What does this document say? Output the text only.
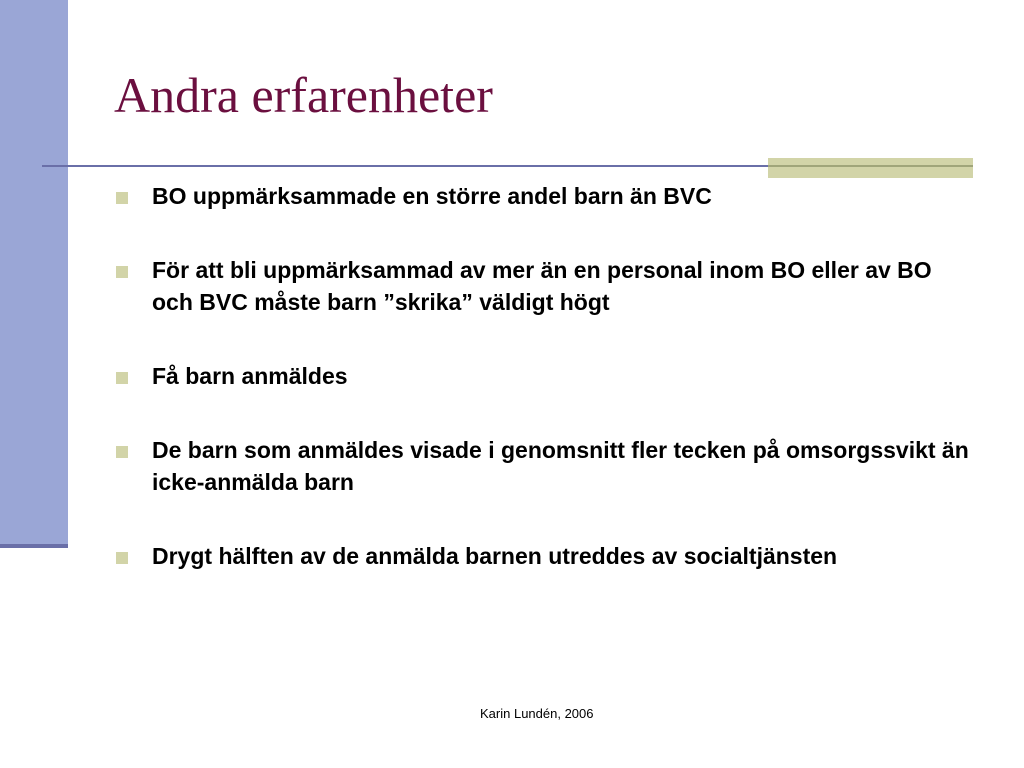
Andra erfarenheter
BO uppmärksammade en större andel barn än BVC
För att bli uppmärksammad av mer än en personal inom BO eller av BO och BVC måste barn ”skrika” väldigt högt
Få barn anmäldes
De barn som anmäldes visade i genomsnitt fler tecken på omsorgssvikt än icke-anmälda barn
Drygt hälften av de anmälda barnen utreddes av socialtjänsten
Karin Lundén, 2006
